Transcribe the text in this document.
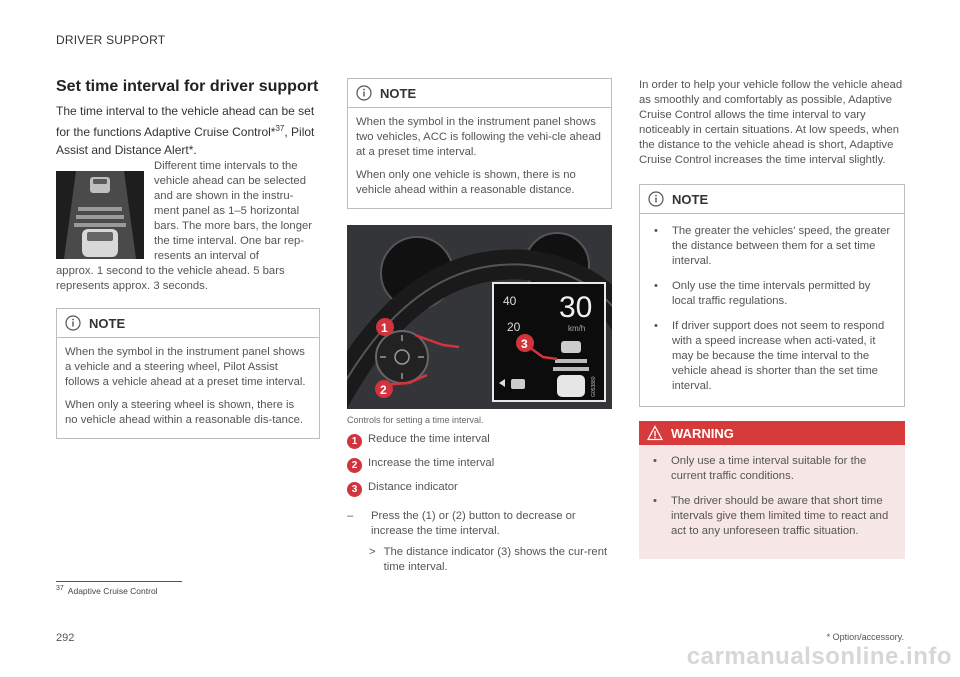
DRIVER SUPPORT
Set time interval for driver support

The time interval to the vehicle ahead can be set for the functions Adaptive Cruise Control*$^{37}$, Pilot Assist and Distance Alert*.

Different time intervals to the
vehicle ahead can be selected
and are shown in the instru-
ment panel as 1–5 horizontal
bars. The more bars, the longer
the time interval. One bar rep-
resents an interval of

approx. 1 second to the vehicle ahead. 5 bars represents approx. 3 seconds.

NOTE

When the symbol in the instrument panel shows a vehicle and a steering wheel, Pilot Assist follows a vehicle ahead at a preset time interval.

When only a steering wheel is shown, there is no vehicle ahead within a reasonable dis-tance.

NOTE

When the symbol in the instrument panel shows two vehicles, ACC is following the vehi-cle ahead at a preset time interval.

When only one vehicle is shown, there is no vehicle ahead within a reasonable distance.

30
30
km/h
40
20
G053880
1
2
3
Controls for setting a time interval.
1 Reduce the time interval
2 Increase the time interval
3 Distance indicator
–	Press the (1) or (2) button to decrease or increase the time interval.
> The distance indicator (3) shows the cur-rent time interval.

In order to help your vehicle follow the vehicle ahead as smoothly and comfortably as possible, Adaptive Cruise Control allows the time interval to vary noticeably in certain situations. At low speeds, when the distance to the vehicle ahead is short, Adaptive Cruise Control increases the time interval slightly.

NOTE
• The greater the vehicles' speed, the greater the distance between them for a set time interval.
• Only use the time intervals permitted by local traffic regulations.
• If driver support does not seem to respond with a speed increase when acti-vated, it may be because the time interval to the vehicle ahead is shorter than the set time interval.
WARNING
• Only use a time interval suitable for the current traffic conditions.
• The driver should be aware that short time intervals give them limited time to react and act to any unforeseen traffic situation.
$^{37}$ Adaptive Cruise Control
292	* Option/accessory.
carmanualsonline.info
